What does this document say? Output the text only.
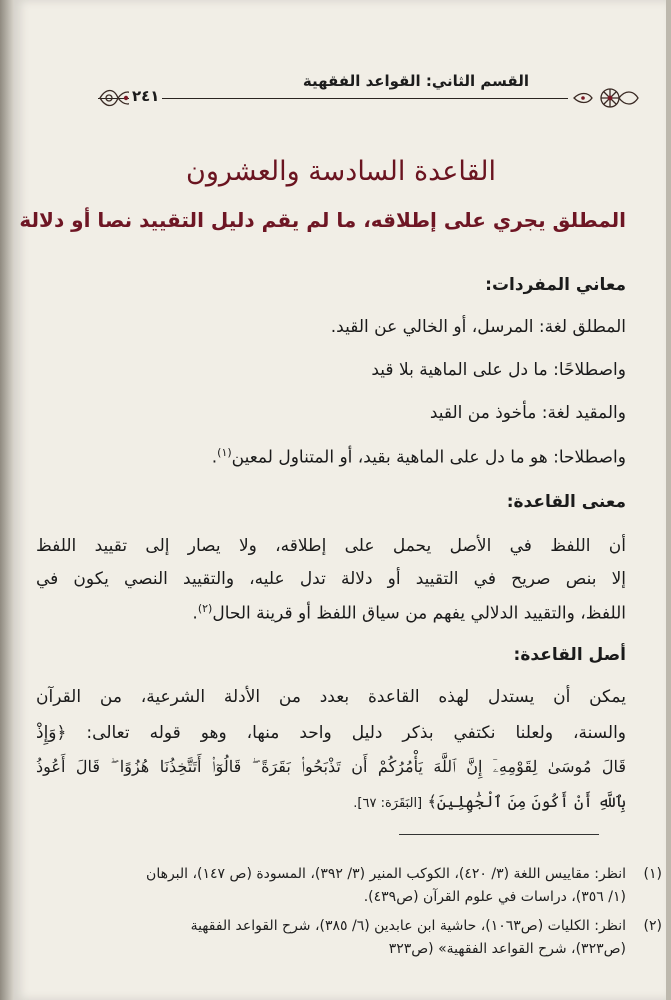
٢٤١
القسم الثاني: القواعد الفقهية
القاعدة السادسة والعشرون
المطلق يجري على إطلاقه، ما لم يقم دليل التقييد نصا أو دلالة
معاني المفردات:
المطلق لغة: المرسل، أو الخالي عن القيد.
واصطلاحًا: ما دل على الماهية بلا قيد
والمقيد لغة: مأخوذ من القيد
واصطلاحا: هو ما دل على الماهية بقيد، أو المتناول لمعين$^{(١)}$.
معنى القاعدة:
أن اللفظ في الأصل يحمل على إطلاقه، ولا يصار إلى تقييد اللفظ
إلا بنص صريح في التقييد أو دلالة تدل عليه، والتقييد النصي يكون في
اللفظ، والتقييد الدلالي يفهم من سياق اللفظ أو قرينة الحال$^{(٢)}$.
أصل القاعدة:
يمكن أن يستدل لهذه القاعدة بعدد من الأدلة الشرعية، من القرآن
والسنة، ولعلنا نكتفي بذكر دليل واحد منها، وهو قوله تعالى: ﴿وَإِذْ
قَالَ مُوسَىٰ لِقَوْمِهِۦٓ إِنَّ ٱللَّهَ يَأْمُرُكُمْ أَن تَذْبَحُوا۟ بَقَرَةً ۖ قَالُوٓا۟ أَتَتَّخِذُنَا هُزُوًا ۖ قَالَ أَعُوذُ
بِٱللَّهِ أَنْ أَكُونَ مِنَ ٱلْجَٰهِلِينَ﴾ [البَقَرَة: ٦٧].
(١)
انظر: مقاييس اللغة (٣/ ٤٢٠)، الكوكب المنير (٣/ ٣٩٢)، المسودة (ص ١٤٧)، البرهان
(١/ ٣٥٦)، دراسات في علوم القرآن (ص٤٣٩).
(٢)
انظر: الكليات (ص١٠٦٣)، حاشية ابن عابدين (٦/ ٣٨٥)، شرح القواعد الفقهية
(ص٣٢٣)، شرح القواعد الفقهية» (ص٣٢٣
